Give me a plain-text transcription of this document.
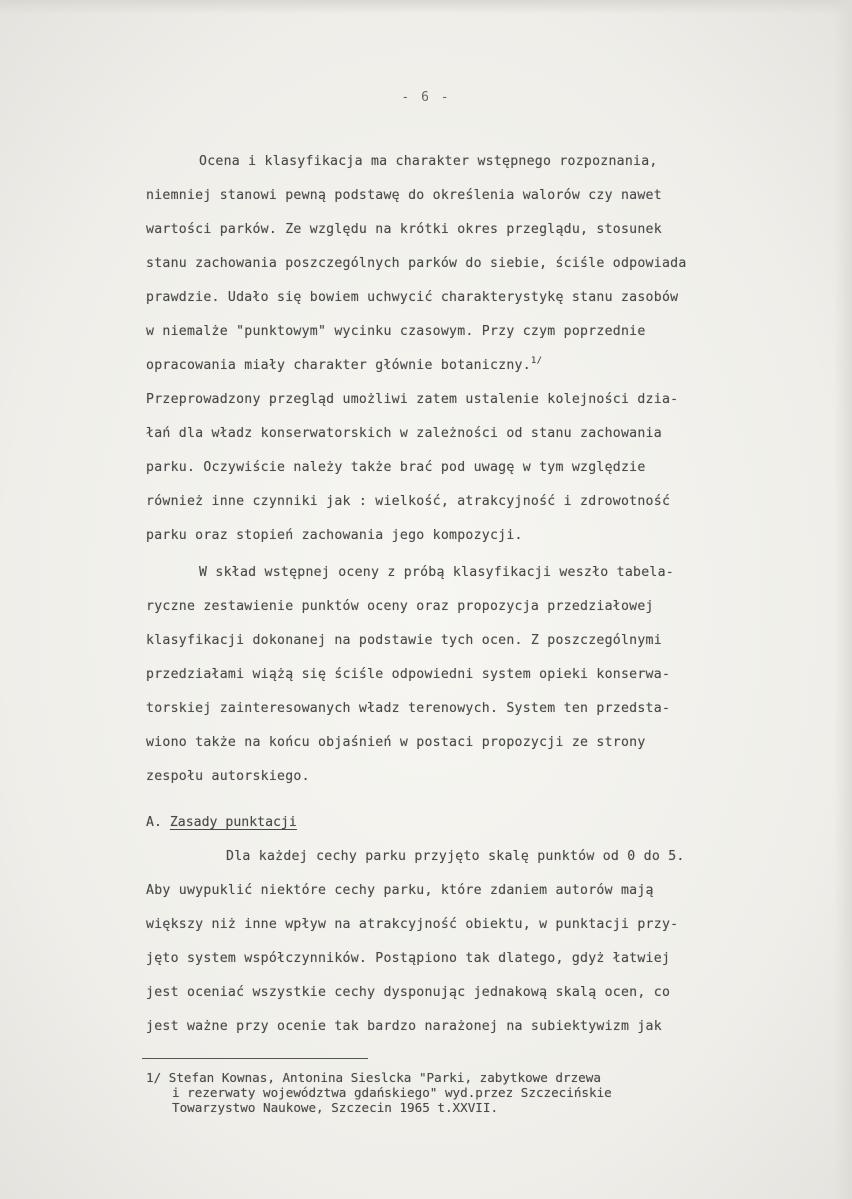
- 6 -
Ocena i klasyfikacja ma charakter wstępnego rozpoznania,
niemniej stanowi pewną podstawę do określenia walorów czy nawet
wartości parków. Ze względu na krótki okres przeglądu, stosunek
stanu zachowania poszczególnych parków do siebie, ściśle odpowiada
prawdzie. Udało się bowiem uchwycić charakterystykę stanu zasobów
w niemalże "punktowym" wycinku czasowym. Przy czym poprzednie
opracowania miały charakter głównie botaniczny.$^{1/}$
Przeprowadzony przegląd umożliwi zatem ustalenie kolejności dzia-
łań dla władz konserwatorskich w zależności od stanu zachowania
parku. Oczywiście należy także brać pod uwagę w tym względzie
również inne czynniki jak : wielkość, atrakcyjność i zdrowotność
parku oraz stopień zachowania jego kompozycji.
W skład wstępnej oceny z próbą klasyfikacji weszło tabela-
ryczne zestawienie punktów oceny oraz propozycja przedziałowej
klasyfikacji dokonanej na podstawie tych ocen. Z poszczególnymi
przedziałami wiążą się ściśle odpowiedni system opieki konserwa-
torskiej zainteresowanych władz terenowych. System ten przedsta-
wiono także na końcu objaśnień w postaci propozycji ze strony
zespołu autorskiego.
A. Zasady punktacji
Dla każdej cechy parku przyjęto skalę punktów od 0 do 5.
Aby uwypuklić niektóre cechy parku, które zdaniem autorów mają
większy niż inne wpływ na atrakcyjność obiektu, w punktacji przy-
jęto system współczynników. Postąpiono tak dlatego, gdyż łatwiej
jest oceniać wszystkie cechy dysponując jednakową skalą ocen, co
jest ważne przy ocenie tak bardzo narażonej na subiektywizm jak
1/ Stefan Kownas, Antonina Sieslcka "Parki, zabytkowe drzewa
i rezerwaty województwa gdańskiego" wyd.przez Szczecińskie
Towarzystwo Naukowe, Szczecin 1965 t.XXVII.
